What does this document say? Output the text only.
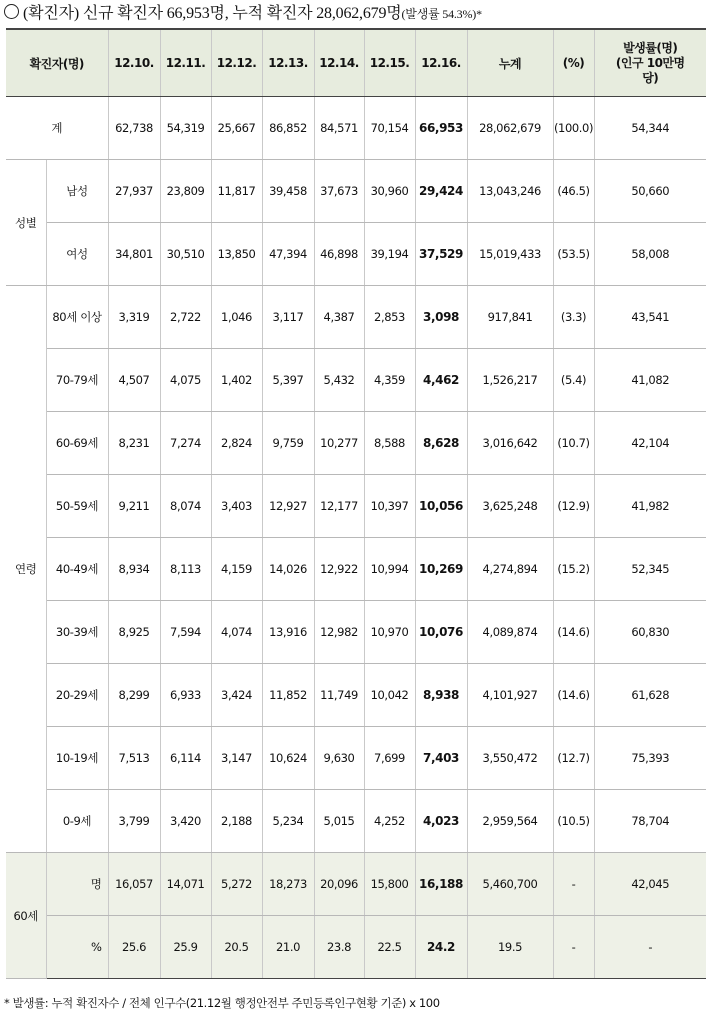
(확진자) 신규 확진자 66,953명, 누적 확진자 28,062,679명(발생률 54.3%)*
확진자(명)		12.10.	12.11.	12.12.	12.13.	12.14.	12.15.	12.16.	누계	(%)	발생률(명)
(인구 10만명
당)
계		62,738	54,319	25,667	86,852	84,571	70,154	66,953	28,062,679	(100.0)	54,344
성별	남성	27,937	23,809	11,817	39,458	37,673	30,960	29,424	13,043,246	(46.5)	50,660
	여성	34,801	30,510	13,850	47,394	46,898	39,194	37,529	15,019,433	(53.5)	58,008
연령	80세 이상	3,319	2,722	1,046	3,117	4,387	2,853	3,098	917,841	(3.3)	43,541
	70-79세	4,507	4,075	1,402	5,397	5,432	4,359	4,462	1,526,217	(5.4)	41,082
	60-69세	8,231	7,274	2,824	9,759	10,277	8,588	8,628	3,016,642	(10.7)	42,104
	50-59세	9,211	8,074	3,403	12,927	12,177	10,397	10,056	3,625,248	(12.9)	41,982
	40-49세	8,934	8,113	4,159	14,026	12,922	10,994	10,269	4,274,894	(15.2)	52,345
	30-39세	8,925	7,594	4,074	13,916	12,982	10,970	10,076	4,089,874	(14.6)	60,830
	20-29세	8,299	6,933	3,424	11,852	11,749	10,042	8,938	4,101,927	(14.6)	61,628
	10-19세	7,513	6,114	3,147	10,624	9,630	7,699	7,403	3,550,472	(12.7)	75,393
	0-9세	3,799	3,420	2,188	5,234	5,015	4,252	4,023	2,959,564	(10.5)	78,704
60세	명	16,057	14,071	5,272	18,273	20,096	15,800	16,188	5,460,700	-	42,045
	%	25.6	25.9	20.5	21.0	23.8	22.5	24.2	19.5	-	-
* 발생률: 누적 확진자수 / 전체 인구수(21.12월 행정안전부 주민등록인구현황 기준) x 100
